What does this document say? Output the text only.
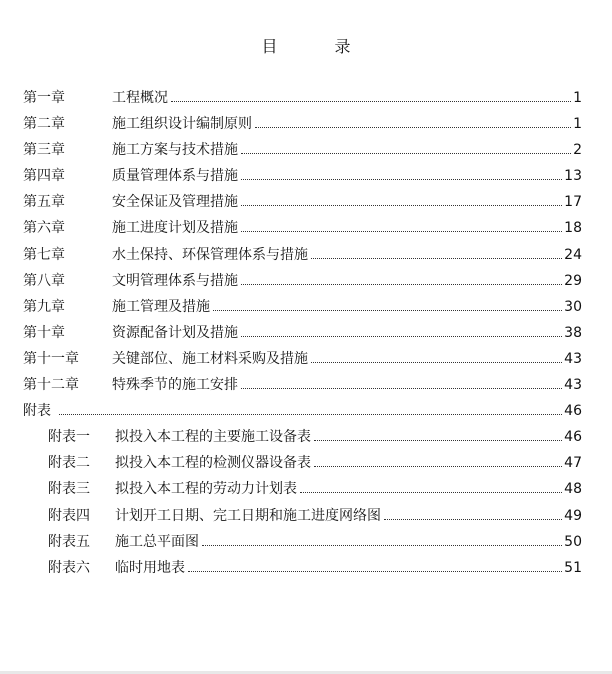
目 录
第一章	工程概况	1
第二章	施工组织设计编制原则	1
第三章	施工方案与技术措施	2
第四章	质量管理体系与措施	13
第五章	安全保证及管理措施	17
第六章	施工进度计划及措施	18
第七章	水土保持、环保管理体系与措施	24
第八章	文明管理体系与措施	29
第九章	施工管理及措施	30
第十章	资源配备计划及措施	38
第十一章 关键部位、施工材料采购及措施	43
第十二章 特殊季节的施工安排	43
附表	46
附表一 拟投入本工程的主要施工设备表	46
附表二 拟投入本工程的检测仪器设备表	47
附表三 拟投入本工程的劳动力计划表	48
附表四 计划开工日期、完工日期和施工进度网络图	49
附表五 施工总平面图	50
附表六 临时用地表	51
